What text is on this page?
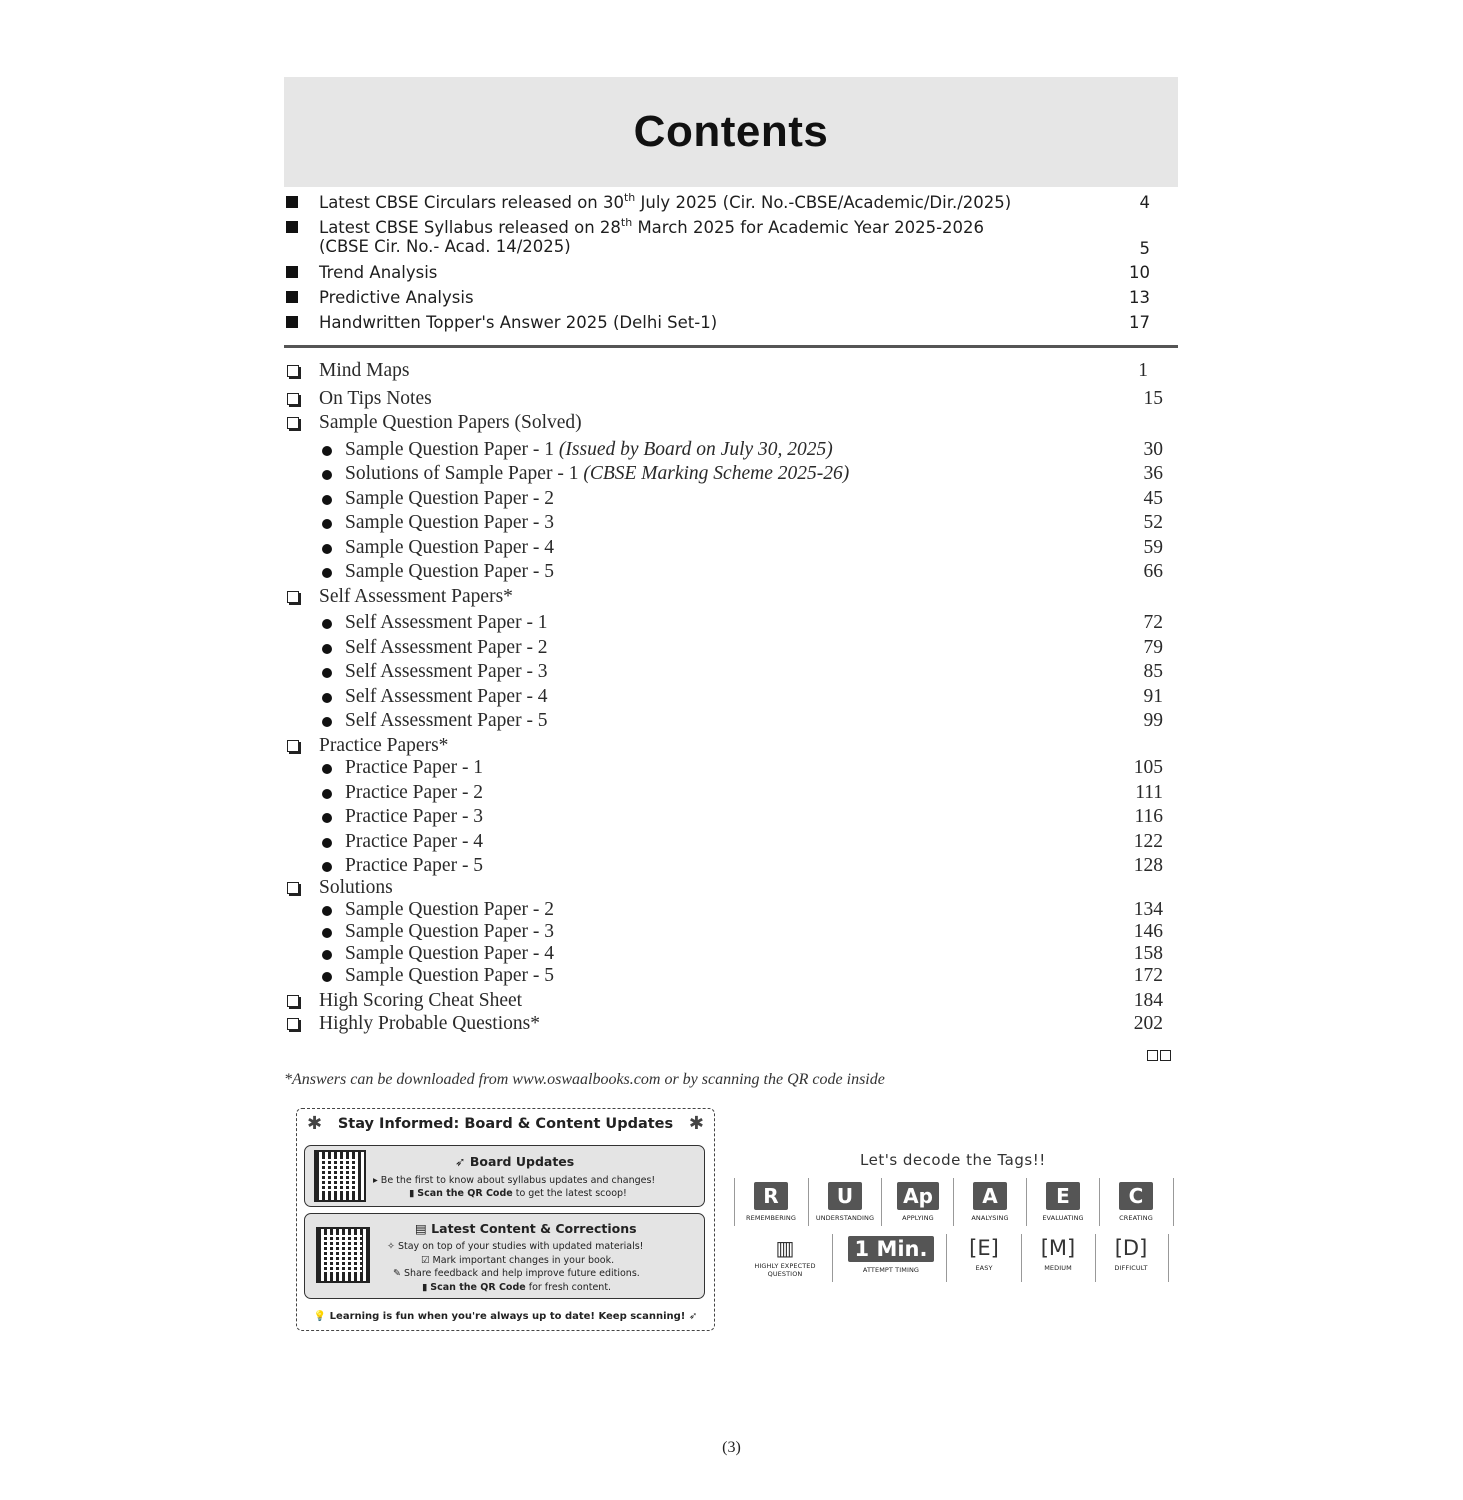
Contents
Latest CBSE Circulars released on 30th July 2025 (Cir. No.-CBSE/Academic/Dir./2025)	4
Latest CBSE Syllabus released on 28th March 2025 for Academic Year 2025-2026
(CBSE Cir. No.- Acad. 14/2025)	5
Trend Analysis	10
Predictive Analysis	13
Handwritten Topper's Answer 2025 (Delhi Set-1)	17
Mind Maps	1
On Tips Notes	15
Sample Question Papers (Solved)
Sample Question Paper - 1 (Issued by Board on July 30, 2025)	30
Solutions of Sample Paper - 1 (CBSE Marking Scheme 2025-26)	36
Sample Question Paper - 2	45
Sample Question Paper - 3	52
Sample Question Paper - 4	59
Sample Question Paper - 5	66
Self Assessment Papers*
Self Assessment Paper - 1	72
Self Assessment Paper - 2	79
Self Assessment Paper - 3	85
Self Assessment Paper - 4	91
Self Assessment Paper - 5	99
Practice Papers*
Practice Paper - 1	105
Practice Paper - 2	111
Practice Paper - 3	116
Practice Paper - 4	122
Practice Paper - 5	128
Solutions
Sample Question Paper - 2	134
Sample Question Paper - 3	146
Sample Question Paper - 4	158
Sample Question Paper - 5	172
High Scoring Cheat Sheet	184
Highly Probable Questions*	202
*Answers can be downloaded from www.oswaalbooks.com or by scanning the QR code inside
✱	✱
Stay Informed: Board & Content Updates
➶ Board Updates
▸ Be the first to know about syllabus updates and changes!
▮ Scan the QR Code to get the latest scoop!
▤ Latest Content & Corrections
✧ Stay on top of your studies with updated materials!
☑ Mark important changes in your book.
✎ Share feedback and help improve future editions.
▮ Scan the QR Code for fresh content.
💡 Learning is fun when you're always up to date! Keep scanning! ➶
Let's decode the Tags!!
R
REMEMBERING
U
UNDERSTANDING
Ap
APPLYING
A
ANALYSING
E
EVALUATING
C
CREATING
▥
HIGHLY EXPECTED QUESTION
1 Min.
ATTEMPT TIMING
[E]
EASY
[M]
MEDIUM
[D]
DIFFICULT
(3)
